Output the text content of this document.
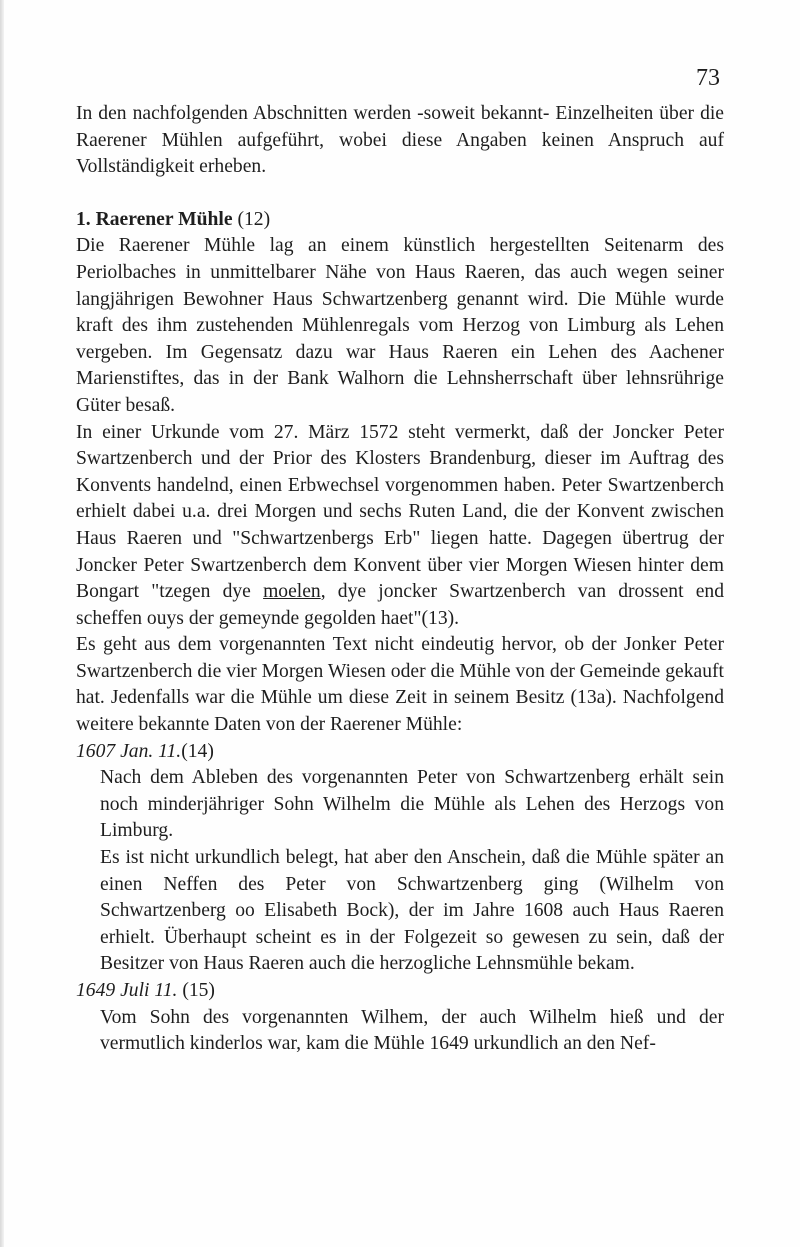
73

In den nachfolgenden Abschnitten werden -soweit bekannt- Einzelheiten über die Raerener Mühlen aufgeführt, wobei diese Angaben keinen Anspruch auf Vollständigkeit erheben.

1. Raerener Mühle (12)

Die Raerener Mühle lag an einem künstlich hergestellten Seitenarm des Periolbaches in unmittelbarer Nähe von Haus Raeren, das auch wegen seiner langjährigen Bewohner Haus Schwartzenberg genannt wird. Die Mühle wurde kraft des ihm zustehenden Mühlenregals vom Herzog von Limburg als Lehen vergeben. Im Gegensatz dazu war Haus Raeren ein Lehen des Aachener Marienstiftes, das in der Bank Walhorn die Lehnsherrschaft über lehnsrührige Güter besaß.

In einer Urkunde vom 27. März 1572 steht vermerkt, daß der Joncker Peter Swartzenberch und der Prior des Klosters Brandenburg, dieser im Auftrag des Konvents handelnd, einen Erbwechsel vorgenommen haben. Peter Swartzenberch erhielt dabei u.a. drei Morgen und sechs Ruten Land, die der Konvent zwischen Haus Raeren und "Schwartzenbergs Erb" liegen hatte. Dagegen übertrug der Joncker Peter Swartzenberch dem Konvent über vier Morgen Wiesen hinter dem Bongart "tzegen dye moelen, dye joncker Swartzenberch van drossent end scheffen ouys der gemeynde gegolden haet"(13).

Es geht aus dem vorgenannten Text nicht eindeutig hervor, ob der Jonker Peter Swartzenberch die vier Morgen Wiesen oder die Mühle von der Gemeinde gekauft hat. Jedenfalls war die Mühle um diese Zeit in seinem Besitz (13a). Nachfolgend weitere bekannte Daten von der Raerener Mühle:

1607 Jan. 11.(14)

Nach dem Ableben des vorgenannten Peter von Schwartzenberg erhält sein noch minderjähriger Sohn Wilhelm die Mühle als Lehen des Herzogs von Limburg.

Es ist nicht urkundlich belegt, hat aber den Anschein, daß die Mühle später an einen Neffen des Peter von Schwartzenberg ging (Wilhelm von Schwartzenberg oo Elisabeth Bock), der im Jahre 1608 auch Haus Raeren erhielt. Überhaupt scheint es in der Folgezeit so gewesen zu sein, daß der Besitzer von Haus Raeren auch die herzogliche Lehnsmühle bekam.

1649 Juli 11. (15)

Vom Sohn des vorgenannten Wilhem, der auch Wilhelm hieß und der vermutlich kinderlos war, kam die Mühle 1649 urkundlich an den Nef-
